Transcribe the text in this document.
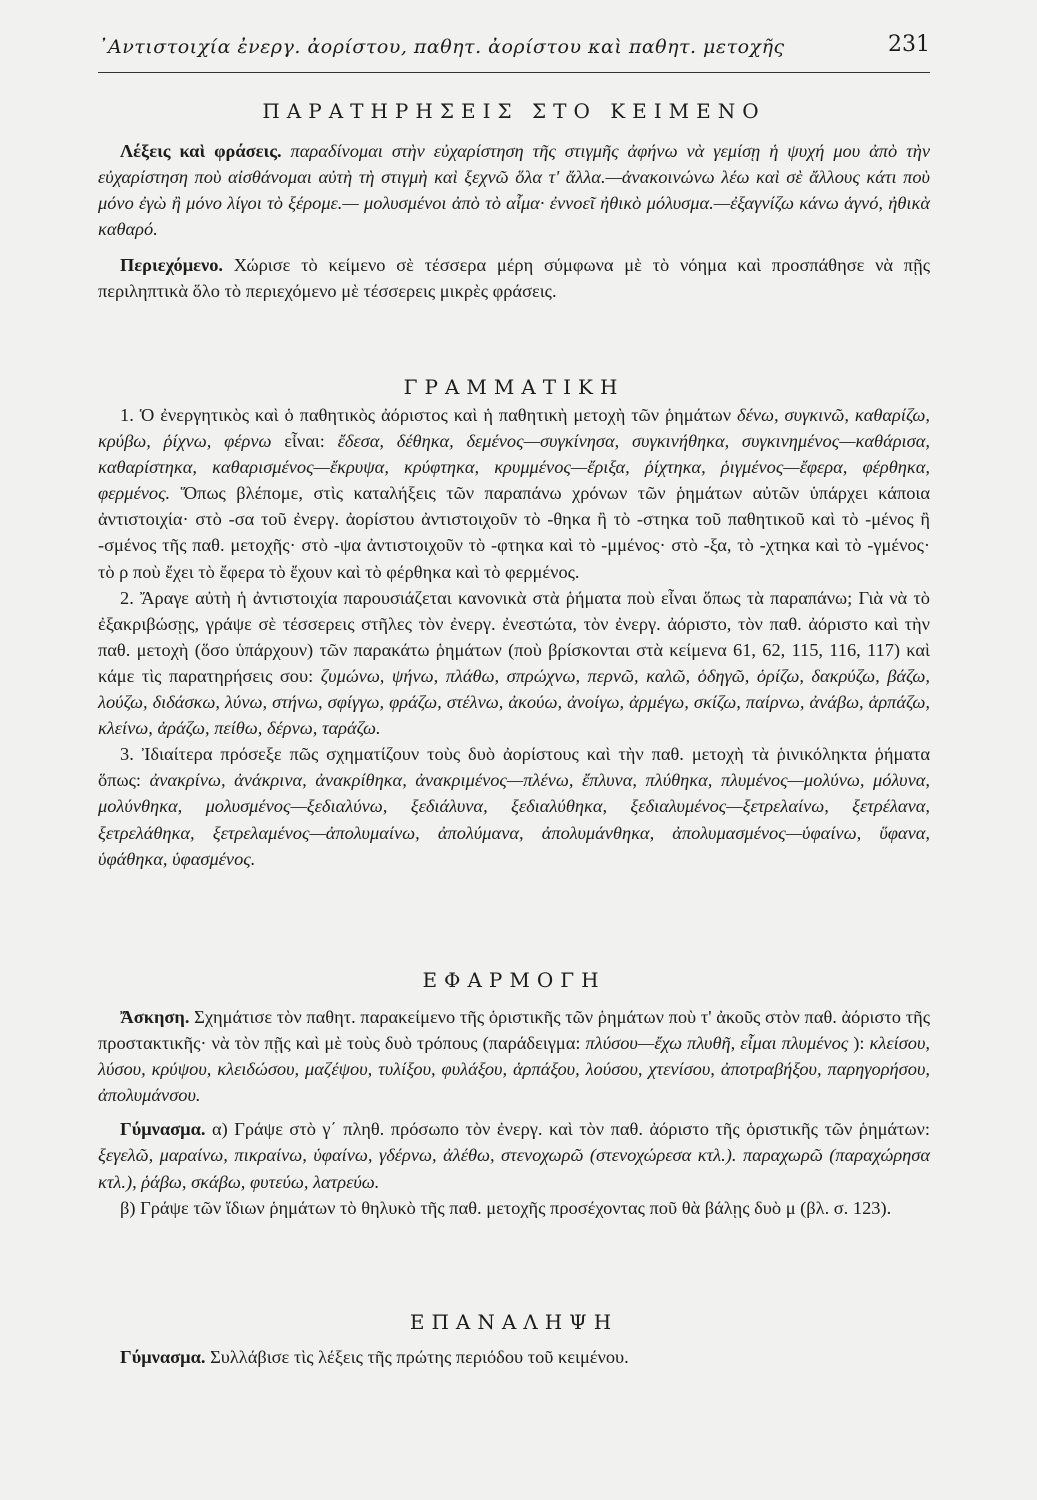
᾿Αντιστοιχία ἐνεργ. ἀορίστου, παθητ. ἀορίστου καὶ παθητ. μετοχῆς	231
ΠΑΡΑΤΗΡΗΣΕΙΣ ΣΤΟ ΚΕΙΜΕΝΟ

Λέξεις καὶ φράσεις. παραδίνομαι στὴν εὐχαρίστηση τῆς στιγμῆς ἀφήνω νὰ γεμίσῃ ἡ ψυχή μου ἀπὸ τὴν εὐχαρίστηση ποὺ αἰσθάνομαι αὐτὴ τὴ στιγμὴ καὶ ξεχνῶ ὅλα τ' ἄλλα.—ἀνακοινώνω λέω καὶ σὲ ἄλλους κάτι ποὺ μόνο ἐγὼ ἢ μόνο λίγοι τὸ ξέρομε.— μολυσμένοι ἀπὸ τὸ αἷμα· ἐννοεῖ ἠθικὸ μόλυσμα.—ἐξαγνίζω κάνω ἁγνό, ἠθικὰ καθαρό.

Περιεχόμενο. Χώρισε τὸ κείμενο σὲ τέσσερα μέρη σύμφωνα μὲ τὸ νόημα καὶ προσπάθησε νὰ πῇς περιληπτικὰ ὅλο τὸ περιεχόμενο μὲ τέσσερεις μικρὲς φράσεις.

ΓΡΑΜΜΑΤΙΚΗ

1. Ὁ ἐνεργητικὸς καὶ ὁ παθητικὸς ἀόριστος καὶ ἡ παθητικὴ μετοχὴ τῶν ῥημάτων δένω, συγκινῶ, καθαρίζω, κρύβω, ῥίχνω, φέρνω εἶναι: ἔδεσα, δέθηκα, δεμένος—συγκίνησα, συγκινήθηκα, συγκινημένος—καθάρισα, καθαρίστηκα, καθαρισμένος—ἔκρυψα, κρύφτηκα, κρυμμένος—ἔριξα, ῥίχτηκα, ῥιγμένος—ἔφερα, φέρθηκα, φερμένος. Ὅπως βλέπομε, στὶς καταλήξεις τῶν παραπάνω χρόνων τῶν ῥημάτων αὐτῶν ὑπάρχει κάποια ἀντιστοιχία· στὸ -σα τοῦ ἐνεργ. ἀορίστου ἀντιστοιχοῦν τὸ -θηκα ἢ τὸ -στηκα τοῦ παθητικοῦ καὶ τὸ -μένος ἢ -σμένος τῆς παθ. μετοχῆς· στὸ -ψα ἀντιστοιχοῦν τὸ -φτηκα καὶ τὸ -μμένος· στὸ -ξα, τὸ -χτηκα καὶ τὸ -γμένος· τὸ ρ ποὺ ἔχει τὸ ἔφερα τὸ ἔχουν καὶ τὸ φέρθηκα καὶ τὸ φερμένος.

2. Ἄραγε αὐτὴ ἡ ἀντιστοιχία παρουσιάζεται κανονικὰ στὰ ῥήματα ποὺ εἶναι ὅπως τὰ παραπάνω; Γιὰ νὰ τὸ ἐξακριβώσῃς, γράψε σὲ τέσσερεις στῆλες τὸν ἐνεργ. ἐνεστώτα, τὸν ἐνεργ. ἀόριστο, τὸν παθ. ἀόριστο καὶ τὴν παθ. μετοχὴ (ὅσο ὑπάρχουν) τῶν παρακάτω ῥημάτων (ποὺ βρίσκονται στὰ κείμενα 61, 62, 115, 116, 117) καὶ κάμε τὶς παρατηρήσεις σου: ζυμώνω, ψήνω, πλάθω, σπρώχνω, περνῶ, καλῶ, ὁδηγῶ, ὁρίζω, δακρύζω, βάζω, λούζω, διδάσκω, λύνω, στήνω, σφίγγω, φράζω, στέλνω, ἀκούω, ἀνοίγω, ἀρμέγω, σκίζω, παίρνω, ἀνάβω, ἁρπάζω, κλείνω, ἀράζω, πείθω, δέρνω, ταράζω.

3. Ἰδιαίτερα πρόσεξε πῶς σχηματίζουν τοὺς δυὸ ἀορίστους καὶ τὴν παθ. μετοχὴ τὰ ῥινικόληκτα ῥήματα ὅπως: ἀνακρίνω, ἀνάκρινα, ἀνακρίθηκα, ἀνακριμένος—πλένω, ἔπλυνα, πλύθηκα, πλυμένος—μολύνω, μόλυνα, μολύνθηκα, μολυσμένος—ξεδιαλύνω, ξεδιάλυνα, ξεδιαλύθηκα, ξεδιαλυμένος—ξετρελαίνω, ξετρέλανα, ξετρελάθηκα, ξετρελαμένος—ἀπολυμαίνω, ἀπολύμανα, ἀπολυμάνθηκα, ἀπολυμασμένος—ὑφαίνω, ὕφανα, ὑφάθηκα, ὑφασμένος.

ΕΦΑΡΜΟΓΗ

Ἄσκηση. Σχημάτισε τὸν παθητ. παρακείμενο τῆς ὁριστικῆς τῶν ῥημάτων ποὺ τ' ἀκοῦς στὸν παθ. ἀόριστο τῆς προστακτικῆς· νὰ τὸν πῇς καὶ μὲ τοὺς δυὸ τρόπους (παράδειγμα: πλύσου—ἔχω πλυθῆ, εἶμαι πλυμένος ): κλείσου, λύσου, κρύψου, κλειδώσου, μαζέψου, τυλίξου, φυλάξου, ἁρπάξου, λούσου, χτενίσου, ἀποτραβήξου, παρηγορήσου, ἀπολυμάνσου.

Γύμνασμα. α) Γράψε στὸ γ΄ πληθ. πρόσωπο τὸν ἐνεργ. καὶ τὸν παθ. ἀόριστο τῆς ὁριστικῆς τῶν ῥημάτων: ξεγελῶ, μαραίνω, πικραίνω, ὑφαίνω, γδέρνω, ἀλέθω, στενοχωρῶ (στενοχώρεσα κτλ.). παραχωρῶ (παραχώρησα κτλ.), ῥάβω, σκάβω, φυτεύω, λατρεύω.

β) Γράψε τῶν ἴδιων ῥημάτων τὸ θηλυκὸ τῆς παθ. μετοχῆς προσέχοντας ποῦ θὰ βάλῃς δυὸ μ (βλ. σ. 123).

ΕΠΑΝΑΛΗΨΗ

Γύμνασμα. Συλλάβισε τὶς λέξεις τῆς πρώτης περιόδου τοῦ κειμένου.
